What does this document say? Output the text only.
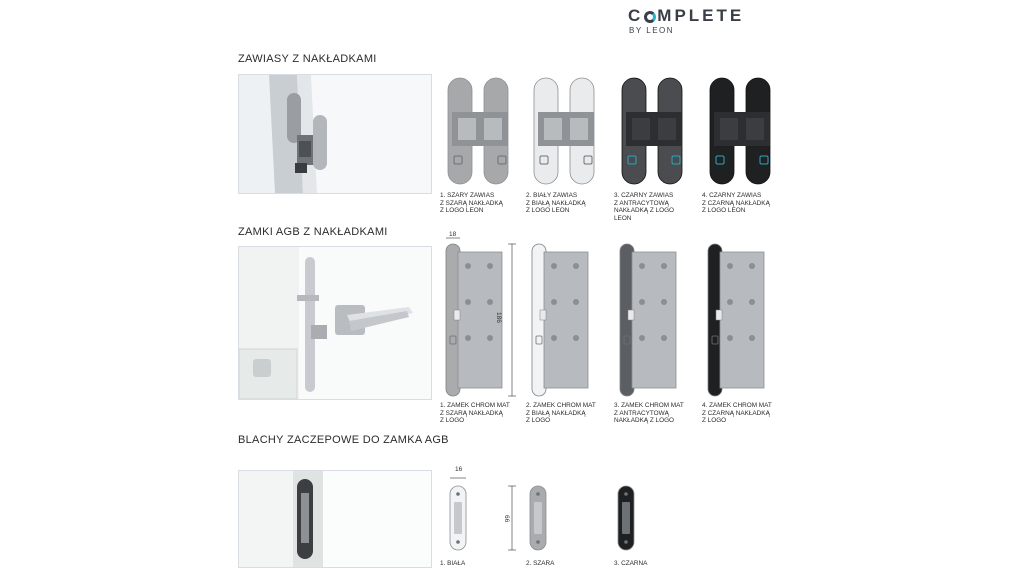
C MPLETE
BY LEON
ZAWIASY Z NAKŁADKAMI
ZAMKI AGB Z NAKŁADKAMI
BLACHY ZACZEPOWE DO ZAMKA AGB
1. SZARY ZAWIAS
Z SZARĄ NAKŁADKĄ
Z LOGO LEON
2. BIAŁY ZAWIAS
Z BIAŁĄ NAKŁADKĄ
Z LOGO LEON
3. CZARNY ZAWIAS
Z ANTRACYTOWĄ
NAKŁADKĄ Z LOGO
LEON
4. CZARNY ZAWIAS
Z CZARNĄ NAKŁADKĄ
Z LOGO LEON
18
186
1. ZAMEK CHROM MAT
Z SZARĄ NAKŁADKĄ
Z LOGO
2. ZAMEK CHROM MAT
Z BIAŁĄ NAKŁADKĄ
Z LOGO
3. ZAMEK CHROM MAT
Z ANTRACYTOWĄ
NAKŁADKĄ Z LOGO
4. ZAMEK CHROM MAT
Z CZARNĄ NAKŁADKĄ
Z LOGO
16
66
1. BIAŁA	2. SZARA	3. CZARNA
